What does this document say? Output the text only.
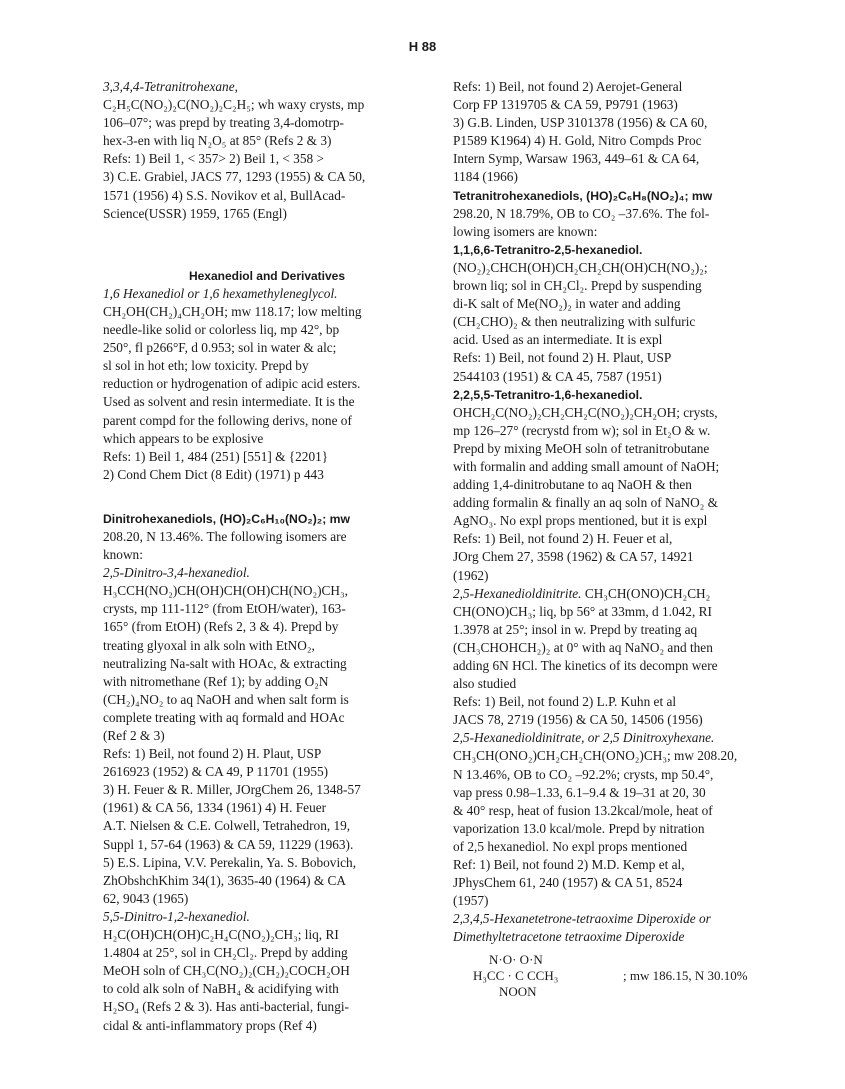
H 88
3,3,4,4-Tetranitrohexane,
C₂H₅C(NO₂)₂C(NO₂)₂C₂H₅; wh waxy crysts, mp
106–07°; was prepd by treating 3,4-domotrp-
hex-3-en with liq N₂O₅ at 85° (Refs 2 & 3)
Refs: 1) Beil 1, < 357> 2) Beil 1, < 358 >
3) C.E. Grabiel, JACS 77, 1293 (1955) & CA 50,
1571 (1956) 4) S.S. Novikov et al, BullAcad-
Science(USSR) 1959, 1765 (Engl)
Hexanediol and Derivatives
1,6 Hexanediol or 1,6 hexamethyleneglycol.
CH₂OH(CH₂)₄CH₂OH; mw 118.17; low melting
needle-like solid or colorless liq, mp 42°, bp
250°, fl p266°F, d 0.953; sol in water & alc;
sl sol in hot eth; low toxicity. Prepd by
reduction or hydrogenation of adipic acid esters.
Used as solvent and resin intermediate. It is the
parent compd for the following derivs, none of
which appears to be explosive
Refs: 1) Beil 1, 484 (251) [551] & {2201}
2) Cond Chem Dict (8 Edit) (1971) p 443
Dinitrohexanediols, (HO)₂C₆H₁₀(NO₂)₂; mw
208.20, N 13.46%. The following isomers are
known:
2,5-Dinitro-3,4-hexanediol.
H₃CCH(NO₂)CH(OH)CH(OH)CH(NO₂)CH₃,
crysts, mp 111-112° (from EtOH/water), 163-
165° (from EtOH) (Refs 2, 3 & 4). Prepd by
treating glyoxal in alk soln with EtNO₂,
neutralizing Na-salt with HOAc, & extracting
with nitromethane (Ref 1); by adding O₂N
(CH₂)₄NO₂ to aq NaOH and when salt form is
complete treating with aq formald and HOAc
(Ref 2 & 3)
Refs: 1) Beil, not found 2) H. Plaut, USP
2616923 (1952) & CA 49, P 11701 (1955)
3) H. Feuer & R. Miller, JOrgChem 26, 1348-57
(1961) & CA 56, 1334 (1961) 4) H. Feuer
A.T. Nielsen & C.E. Colwell, Tetrahedron, 19,
Suppl 1, 57-64 (1963) & CA 59, 11229 (1963).
5) E.S. Lipina, V.V. Perekalin, Ya. S. Bobovich,
ZhObshchKhim 34(1), 3635-40 (1964) & CA
62, 9043 (1965)
5,5-Dinitro-1,2-hexanediol.
H₂C(OH)CH(OH)C₂H₄C(NO₂)₂CH₃; liq, RI
1.4804 at 25°, sol in CH₂Cl₂. Prepd by adding
MeOH soln of CH₃C(NO₂)₂(CH₂)₂COCH₂OH
to cold alk soln of NaBH₄ & acidifying with
H₂SO₄ (Refs 2 & 3). Has anti-bacterial, fungi-
cidal & anti-inflammatory props (Ref 4)
Refs: 1) Beil, not found 2) Aerojet-General
Corp FP 1319705 & CA 59, P9791 (1963)
3) G.B. Linden, USP 3101378 (1956) & CA 60,
P1589 K1964) 4) H. Gold, Nitro Compds Proc
Intern Symp, Warsaw 1963, 449–61 & CA 64,
1184 (1966)
Tetranitrohexanediols, (HO)₂C₆H₈(NO₂)₄; mw
298.20, N 18.79%, OB to CO₂ –37.6%. The fol-
lowing isomers are known:
1,1,6,6-Tetranitro-2,5-hexanediol.
(NO₂)₂CHCH(OH)CH₂CH₂CH(OH)CH(NO₂)₂;
brown liq; sol in CH₂Cl₂. Prepd by suspending
di-K salt of Me(NO₂)₂ in water and adding
(CH₂CHO)₂ & then neutralizing with sulfuric
acid. Used as an intermediate. It is expl
Refs: 1) Beil, not found 2) H. Plaut, USP
2544103 (1951) & CA 45, 7587 (1951)
2,2,5,5-Tetranitro-1,6-hexanediol.
OHCH₂C(NO₂)₂CH₂CH₂C(NO₂)₂CH₂OH; crysts,
mp 126–27° (recrystd from w); sol in Et₂O & w.
Prepd by mixing MeOH soln of tetranitrobutane
with formalin and adding small amount of NaOH;
adding 1,4-dinitrobutane to aq NaOH & then
adding formalin & finally an aq soln of NaNO₂ &
AgNO₃. No expl props mentioned, but it is expl
Refs: 1) Beil, not found 2) H. Feuer et al,
JOrg Chem 27, 3598 (1962) & CA 57, 14921
(1962)
2,5-Hexanedioldinitrite. CH₃CH(ONO)CH₂CH₂
CH(ONO)CH₃; liq, bp 56° at 33mm, d 1.042, RI
1.3978 at 25°; insol in w. Prepd by treating aq
(CH₃CHOHCH₂)₂ at 0° with aq NaNO₂ and then
adding 6N HCl. The kinetics of its decompn were
also studied
Refs: 1) Beil, not found 2) L.P. Kuhn et al
JACS 78, 2719 (1956) & CA 50, 14506 (1956)
2,5-Hexanedioldinitrate, or 2,5 Dinitroxyhexane.
CH₃CH(ONO₂)CH₂CH₂CH(ONO₂)CH₃; mw 208.20,
N 13.46%, OB to CO₂ –92.2%; crysts, mp 50.4°,
vap press 0.98–1.33, 6.1–9.4 & 19–31 at 20, 30
& 40° resp, heat of fusion 13.2kcal/mole, heat of
vaporization 13.0 kcal/mole. Prepd by nitration
of 2,5 hexanediol. No expl props mentioned
Ref: 1) Beil, not found 2) M.D. Kemp et al,
JPhysChem 61, 240 (1957) & CA 51, 8524
(1957)
2,3,4,5-Hexanetetrone-tetraoxime Diperoxide or
Dimethyltetracetone tetraoxime Diperoxide
N·O· O·N
H₃CC · C CCH₃
NOON
; mw 186.15, N 30.10%
